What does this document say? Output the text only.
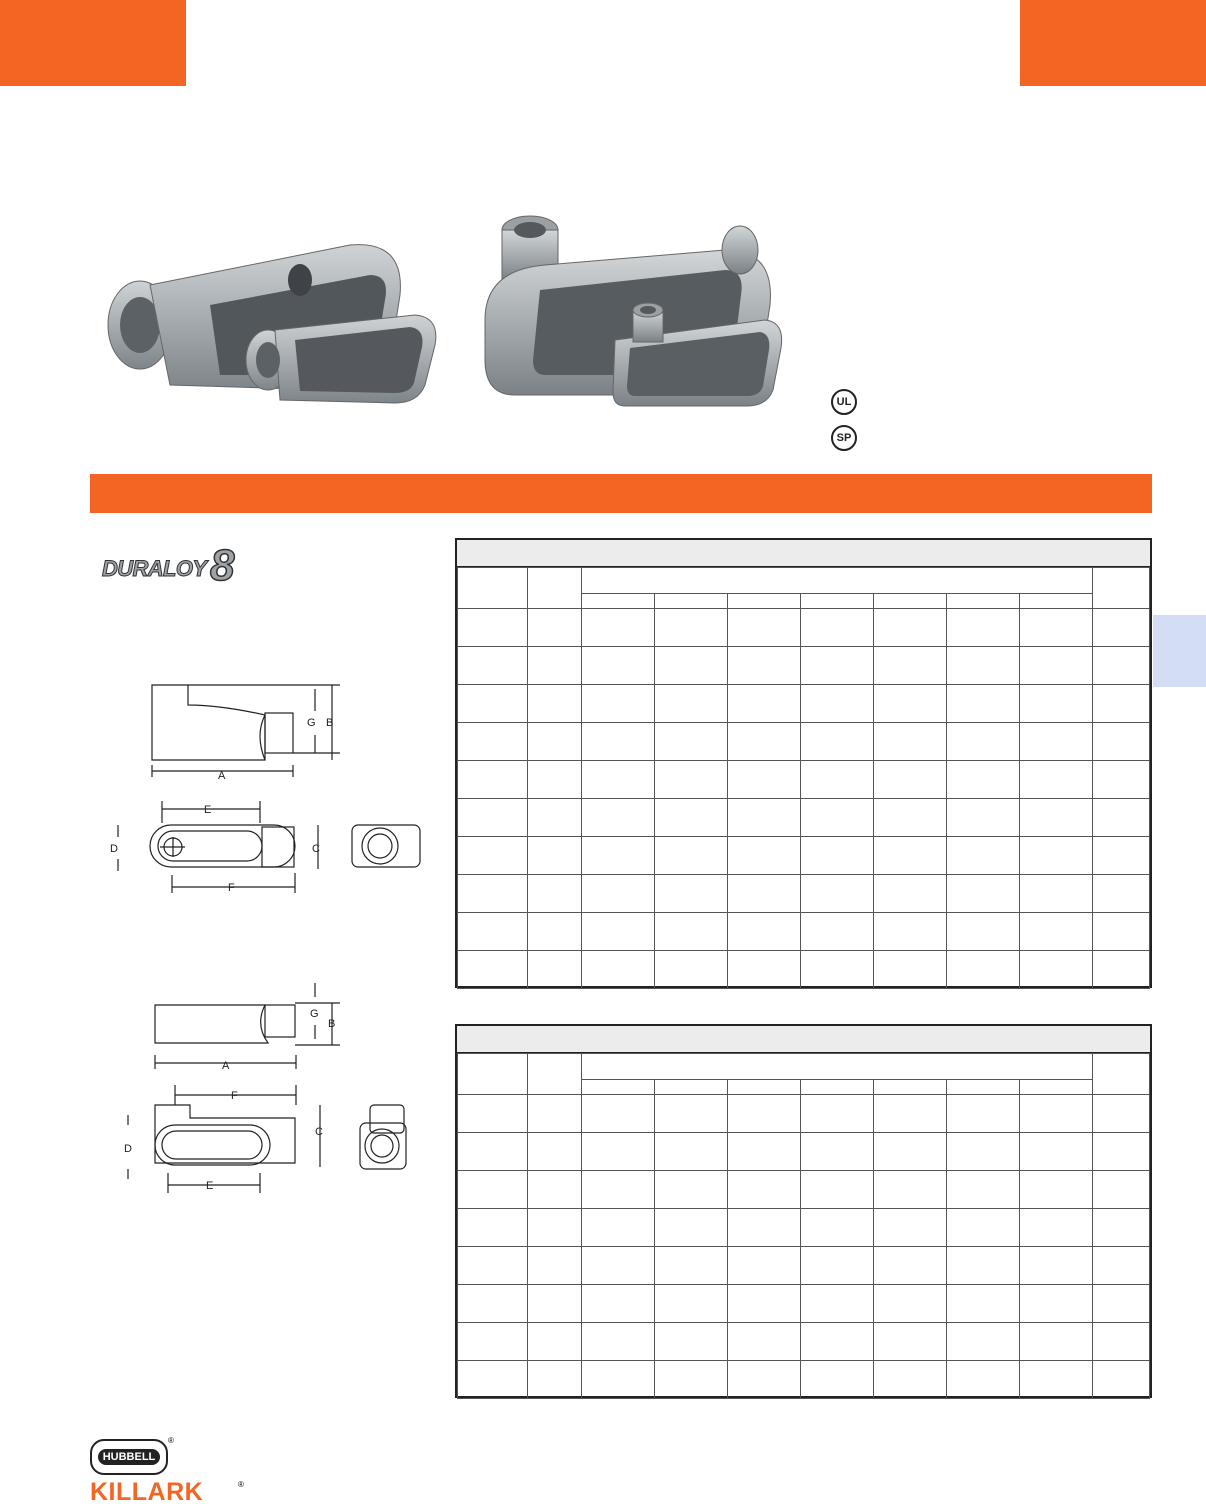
UL
SP
DURALOY 8
G B
A
E
D	C
F
G
B
A
F
C
D
E

HUBBELL
®
KILLARK	®
